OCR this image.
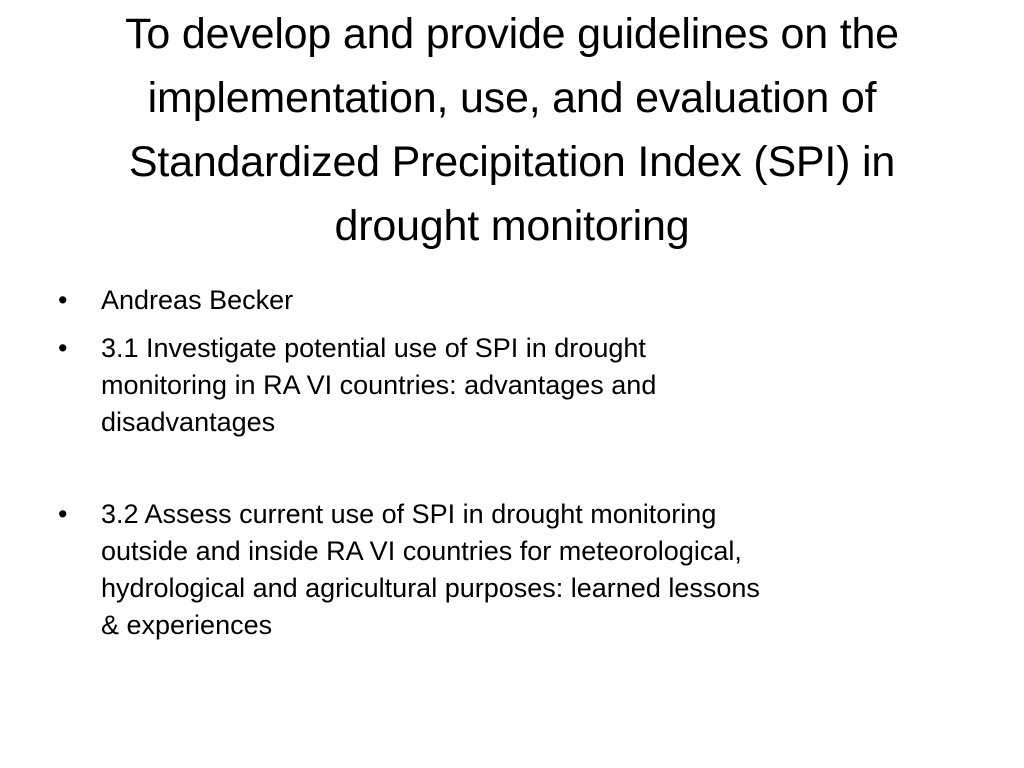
To develop and provide guidelines on the
implementation, use, and evaluation of
Standardized Precipitation Index (SPI) in
drought monitoring
•	Andreas Becker
•	3.1 Investigate potential use of SPI in drought
monitoring in RA VI countries: advantages and
disadvantages
•	3.2 Assess current use of SPI in drought monitoring
outside and inside RA VI countries for meteorological,
hydrological and agricultural purposes: learned lessons
& experiences
